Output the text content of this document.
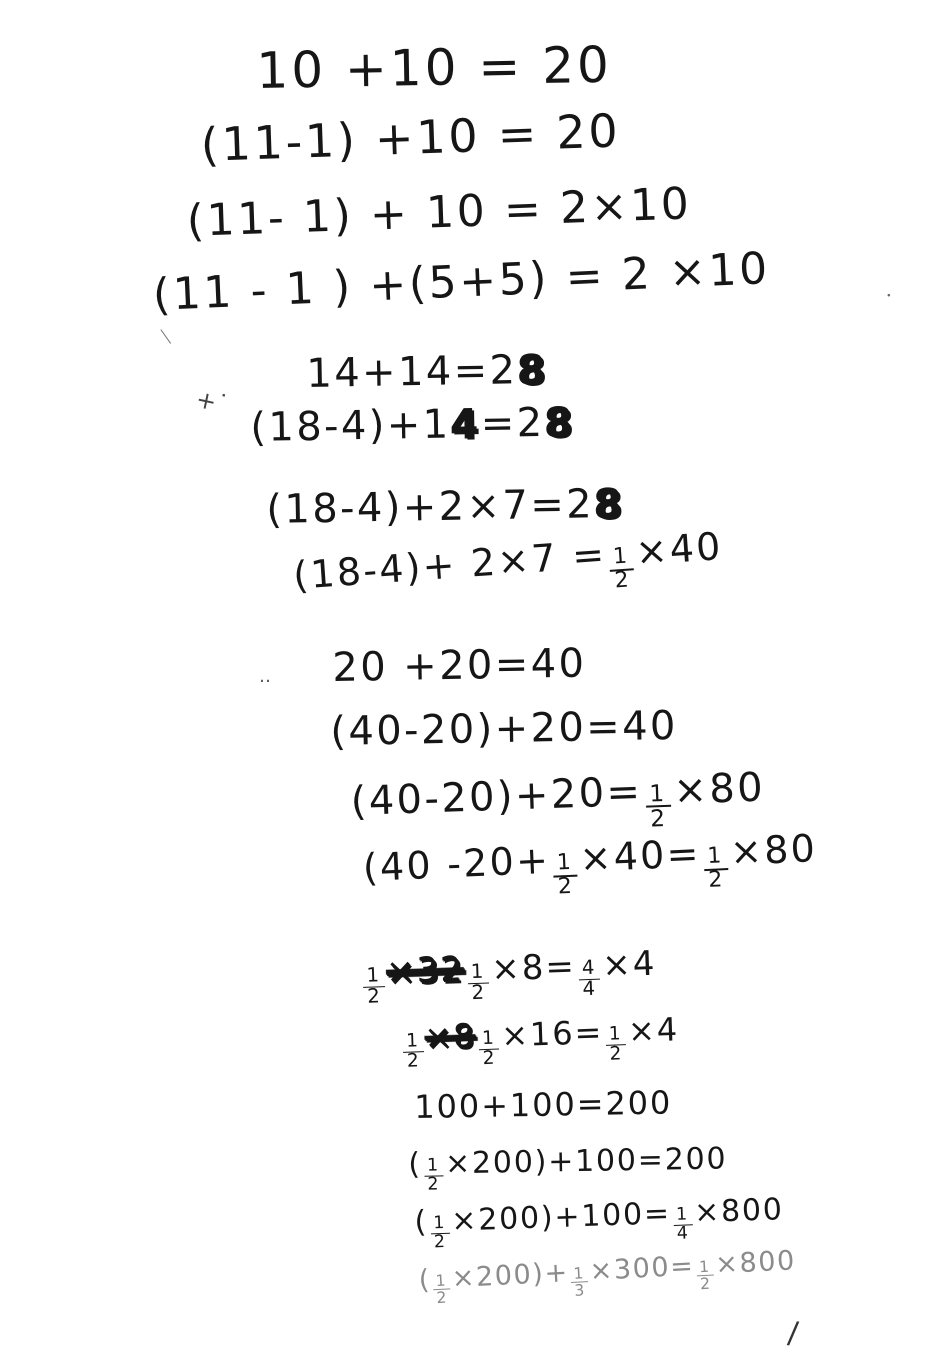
10 +10 = 20
(11-1) +10 = 20
(11- 1) + 10 = 2×10
(11 - 1 ) +(5+5) = 2 ×10
14+14=28
(18-4)+14=28
(18-4)+2×7=28
$(18-4)+ 2\times 7 = \frac{1}{2}$
×40
20 +20=40
(40-20)+20=40
$(40-20)+20= \frac{1}{2} \times 80$
(40 $-20+ \frac{1}{2} \times 40= \frac{1}{2} \times 80$
$\frac{1}{2} \times 32 \frac{1}{2} \times 8= \frac{4}{4} \times 4$
$\frac{1}{2} \times 8 \frac{1}{2} \times 16= \frac{1}{2} \times 4$
100+100=200
( $\frac{1}{2} \times 200)+100=200$
( $\frac{1}{2} \times 200)+100= \frac{1}{4} \times 800$
( $\frac{1}{2} \times 200)+ \frac{1}{3} \times 300= \frac{1}{2} \times 800$
+˙
∙
‥
/
╲
